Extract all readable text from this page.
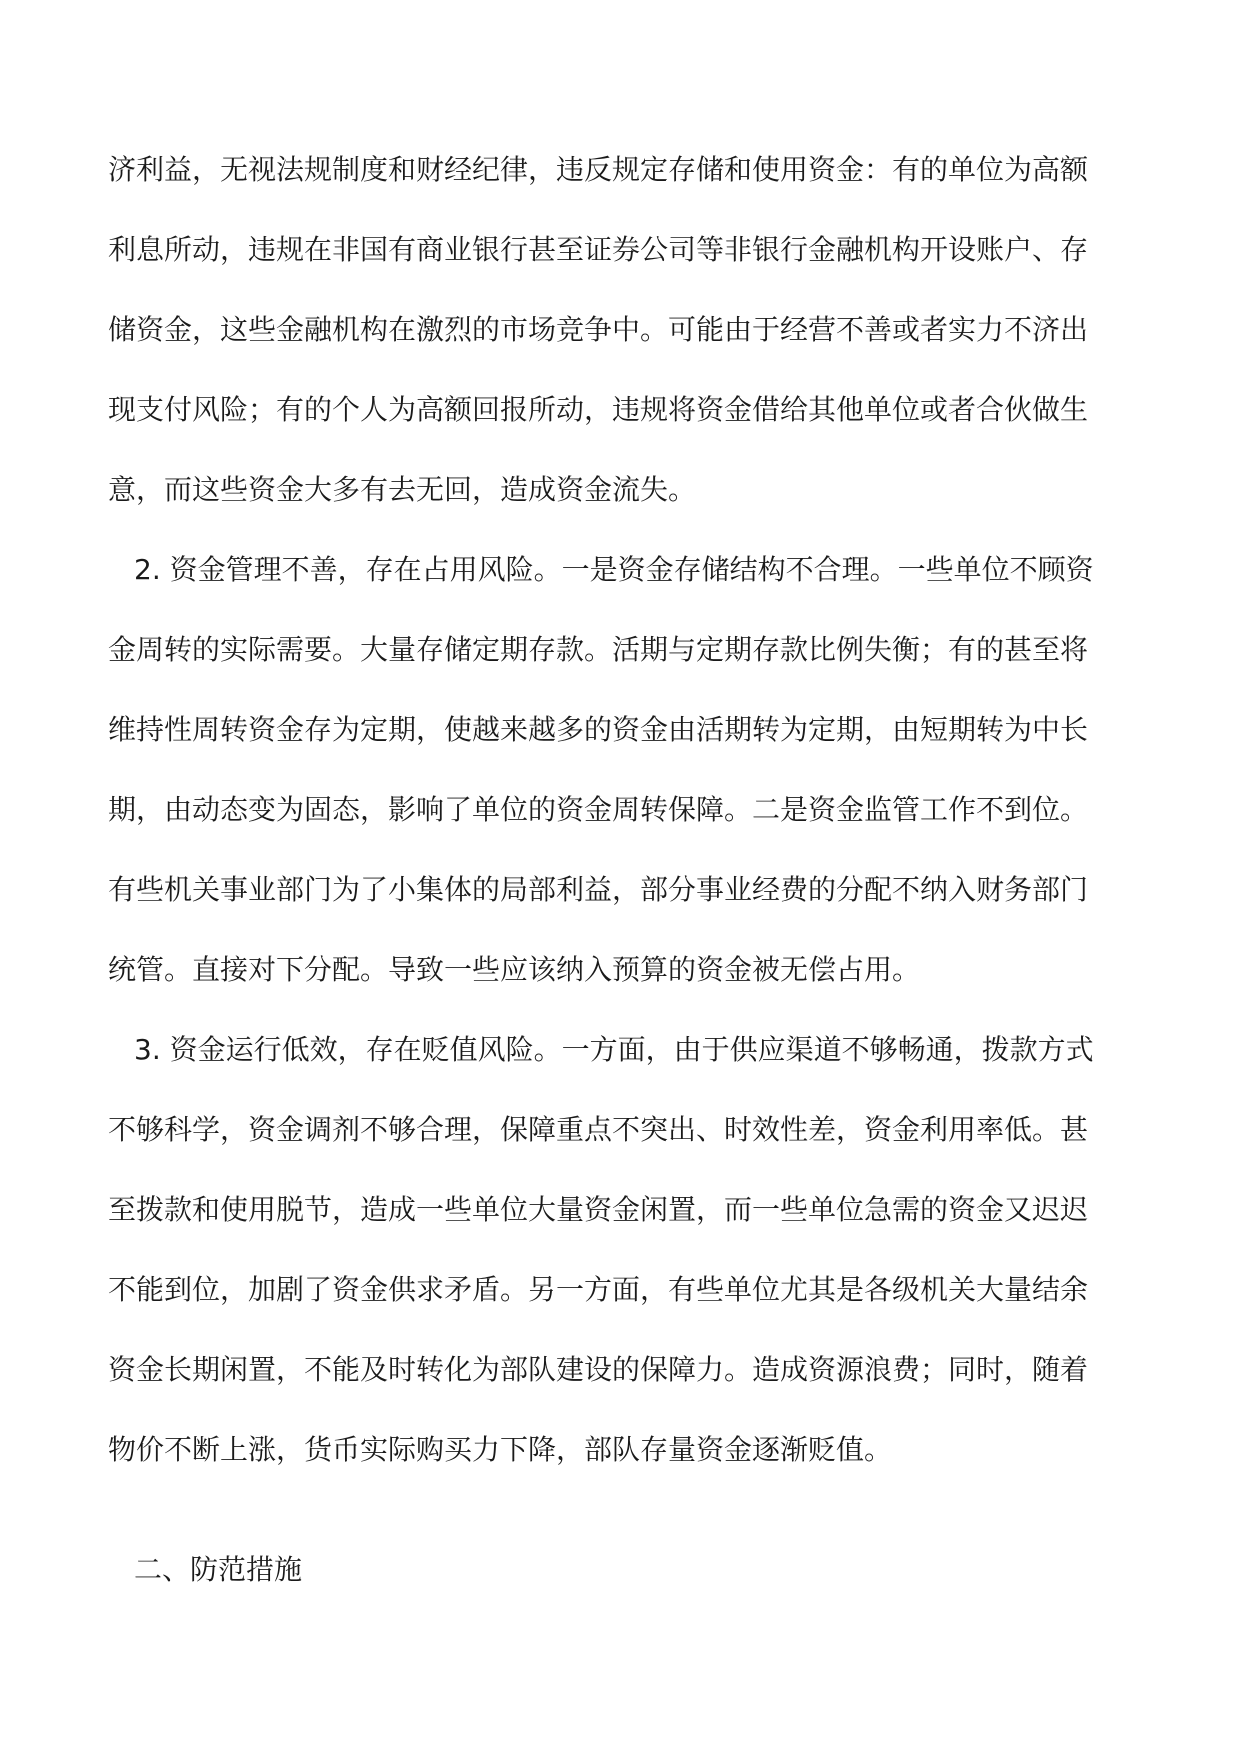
济利益，无视法规制度和财经纪律，违反规定存储和使用资金：有的单位为高额
利息所动，违规在非国有商业银行甚至证券公司等非银行金融机构开设账户、存
储资金，这些金融机构在激烈的市场竞争中。可能由于经营不善或者实力不济出
现支付风险；有的个人为高额回报所动，违规将资金借给其他单位或者合伙做生
意，而这些资金大多有去无回，造成资金流失。
2. 资金管理不善，存在占用风险。一是资金存储结构不合理。一些单位不顾资
金周转的实际需要。大量存储定期存款。活期与定期存款比例失衡；有的甚至将
维持性周转资金存为定期，使越来越多的资金由活期转为定期，由短期转为中长
期，由动态变为固态，影响了单位的资金周转保障。二是资金监管工作不到位。
有些机关事业部门为了小集体的局部利益，部分事业经费的分配不纳入财务部门
统管。直接对下分配。导致一些应该纳入预算的资金被无偿占用。
3. 资金运行低效，存在贬值风险。一方面，由于供应渠道不够畅通，拨款方式
不够科学，资金调剂不够合理，保障重点不突出、时效性差，资金利用率低。甚
至拨款和使用脱节，造成一些单位大量资金闲置，而一些单位急需的资金又迟迟
不能到位，加剧了资金供求矛盾。另一方面，有些单位尤其是各级机关大量结余
资金长期闲置，不能及时转化为部队建设的保障力。造成资源浪费；同时，随着
物价不断上涨，货币实际购买力下降，部队存量资金逐渐贬值。
二、防范措施
